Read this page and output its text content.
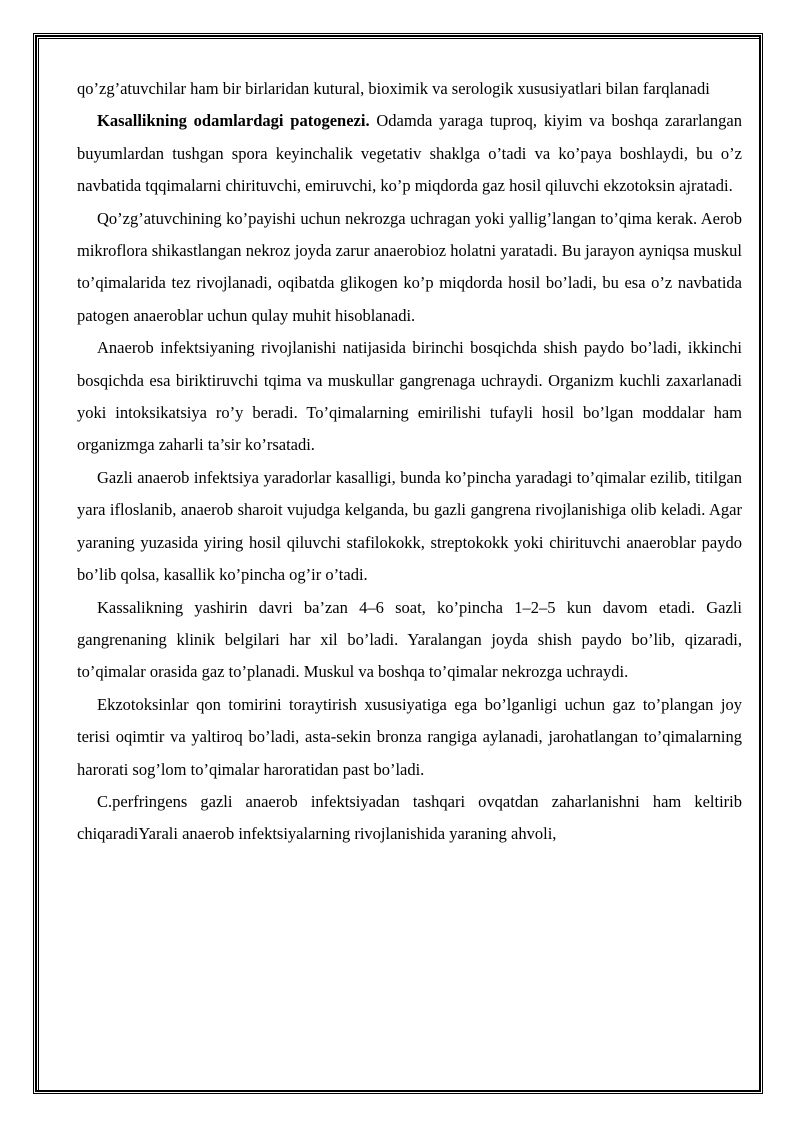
qo’zg’atuvchilar ham bir birlaridan kutural, bioximik va serologik xususiyatlari bilan farqlanadi

Kasallikning odamlardagi patogenezi. Odamda yaraga tuproq, kiyim va boshqa zararlangan buyumlardan tushgan spora keyinchalik vegetativ shaklga o’tadi va ko’paya boshlaydi, bu o’z navbatida tqqimalarni chirituvchi, emiruvchi, ko’p miqdorda gaz hosil qiluvchi ekzotoksin ajratadi.

Qo’zg’atuvchining ko’payishi uchun nekrozga uchragan yoki yallig’langan to’qima kerak. Aerob mikroflora shikastlangan nekroz joyda zarur anaerobioz holatni yaratadi. Bu jarayon ayniqsa muskul to’qimalarida tez rivojlanadi, oqibatda glikogen ko’p miqdorda hosil bo’ladi, bu esa o’z navbatida patogen anaeroblar uchun qulay muhit hisoblanadi.

Anaerob infektsiyaning rivojlanishi natijasida birinchi bosqichda shish paydo bo’ladi, ikkinchi bosqichda esa biriktiruvchi tqima va muskullar gangrenaga uchraydi. Organizm kuchli zaxarlanadi yoki intoksikatsiya ro’y beradi. To’qimalarning emirilishi tufayli hosil bo’lgan moddalar ham organizmga zaharli ta’sir ko’rsatadi.

Gazli anaerob infektsiya yaradorlar kasalligi, bunda ko’pincha yaradagi to’qimalar ezilib, titilgan yara ifloslanib, anaerob sharoit vujudga kelganda, bu gazli gangrena rivojlanishiga olib keladi. Agar yaraning yuzasida yiring hosil qiluvchi stafilokokk, streptokokk yoki chirituvchi anaeroblar paydo bo’lib qolsa, kasallik ko’pincha og’ir o’tadi.

Kassalikning yashirin davri ba’zan 4–6 soat, ko’pincha 1–2–5 kun davom etadi. Gazli gangrenaning klinik belgilari har xil bo’ladi. Yaralangan joyda shish paydo bo’lib, qizaradi, to’qimalar orasida gaz to’planadi. Muskul va boshqa to’qimalar nekrozga uchraydi.

Ekzotoksinlar qon tomirini toraytirish xususiyatiga ega bo’lganligi uchun gaz to’plangan joy terisi oqimtir va yaltiroq bo’ladi, asta-sekin bronza rangiga aylanadi, jarohatlangan to’qimalarning harorati sog’lom to’qimalar haroratidan past bo’ladi.

C.perfringens gazli anaerob infektsiyadan tashqari ovqatdan zaharlanishni ham keltirib chiqaradiYarali anaerob infektsiyalarning rivojlanishida yaraning ahvoli,
